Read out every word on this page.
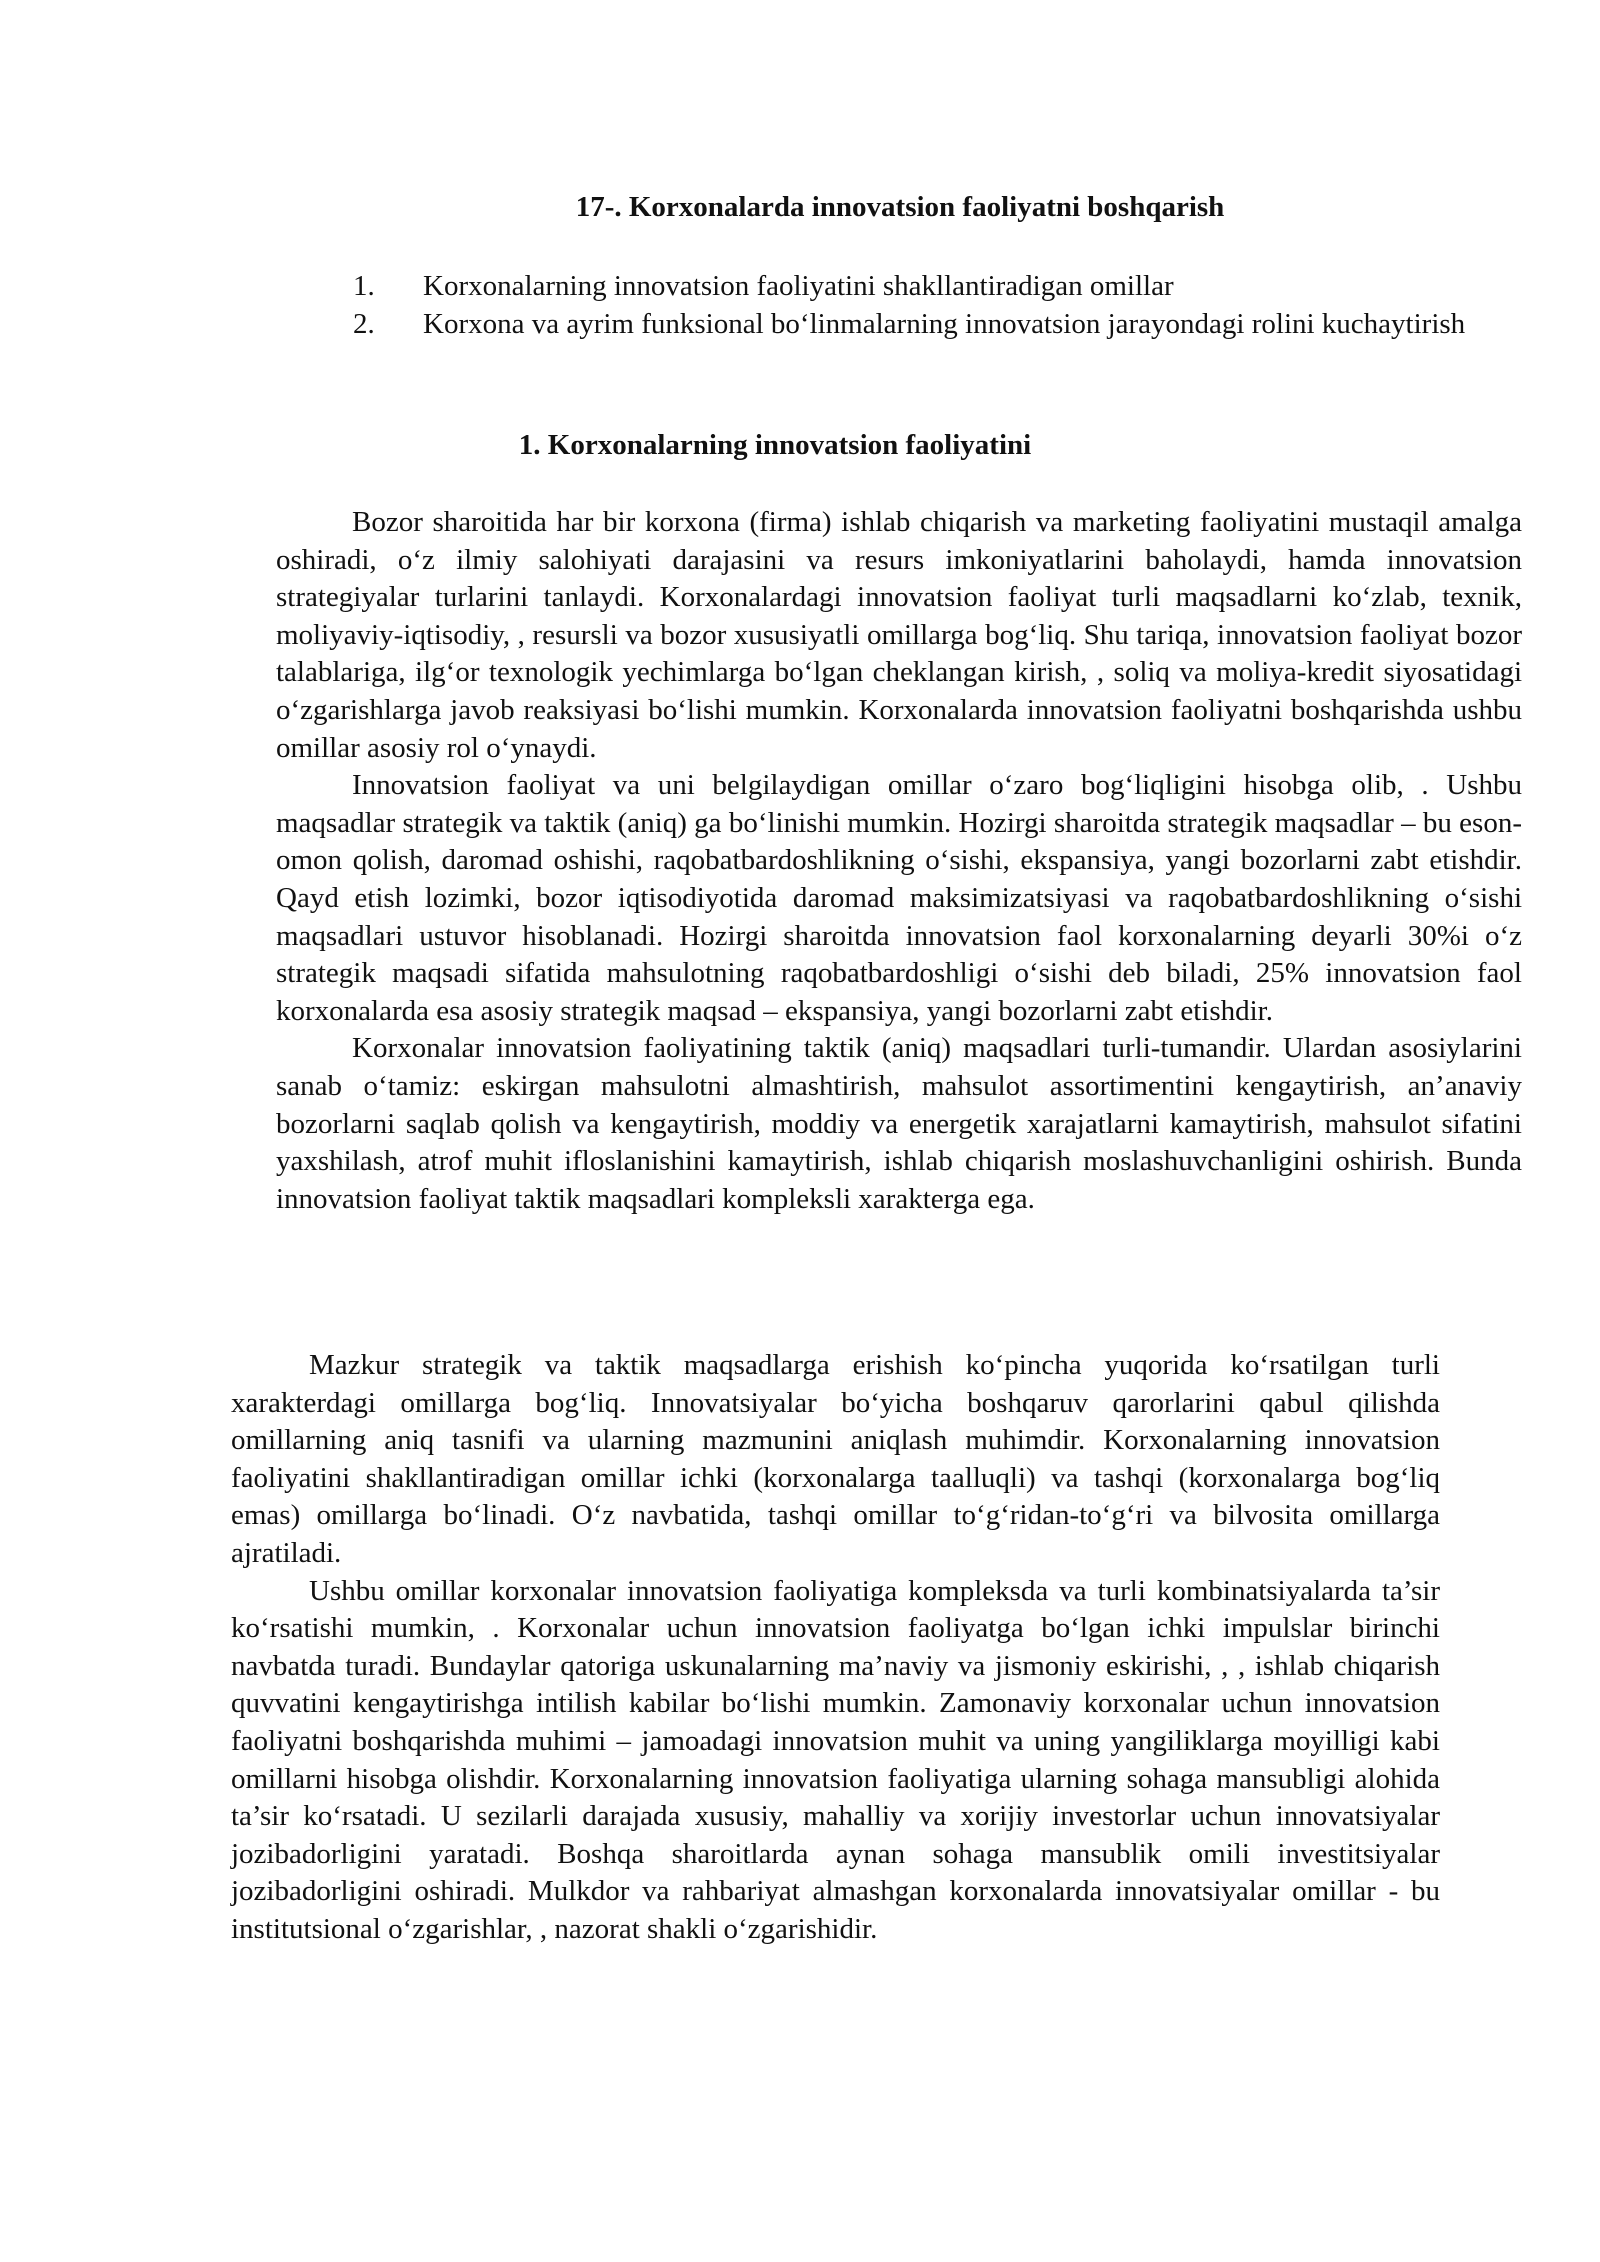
17-. Korxonalarda innovatsion faoliyatni boshqarish
1. Korxonalarning innovatsion faoliyatini shakllantiradigan omillar
2. Korxona va ayrim funksional bo‘linmalarning innovatsion jarayondagi rolini kuchaytirish
1. Korxonalarning innovatsion faoliyatini

Bozor sharoitida har bir korxona (firma) ishlab chiqarish va marketing faoliyatini mustaqil amalga oshiradi, o‘z ilmiy salohiyati darajasini va resurs imkoniyatlarini baholaydi, hamda innovatsion strategiyalar turlarini tanlaydi. Korxonalardagi innovatsion faoliyat turli maqsadlarni ko‘zlab, texnik, moliyaviy-iqtisodiy, , resursli va bozor xususiyatli omillarga bog‘liq. Shu tariqa, innovatsion faoliyat bozor talablariga, ilg‘or texnologik yechimlarga bo‘lgan cheklangan kirish, , soliq va moliya-kredit siyosatidagi o‘zgarishlarga javob reaksiyasi bo‘lishi mumkin. Korxonalarda innovatsion faoliyatni boshqarishda ushbu omillar asosiy rol o‘ynaydi.

Innovatsion faoliyat va uni belgilaydigan omillar o‘zaro bog‘liqligini hisobga olib, . Ushbu maqsadlar strategik va taktik (aniq) ga bo‘linishi mumkin. Hozirgi sharoitda strategik maqsadlar – bu eson-omon qolish, daromad oshishi, raqobatbardoshlikning o‘sishi, ekspansiya, yangi bozorlarni zabt etishdir. Qayd etish lozimki, bozor iqtisodiyotida daromad maksimizatsiyasi va raqobatbardoshlikning o‘sishi maqsadlari ustuvor hisoblanadi. Hozirgi sharoitda innovatsion faol korxonalarning deyarli 30%i o‘z strategik maqsadi sifatida mahsulotning raqobatbardoshligi o‘sishi deb biladi, 25% innovatsion faol korxonalarda esa asosiy strategik maqsad – ekspansiya, yangi bozorlarni zabt etishdir.

Korxonalar innovatsion faoliyatining taktik (aniq) maqsadlari turli-tumandir. Ulardan asosiylarini sanab o‘tamiz: eskirgan mahsulotni almashtirish, mahsulot assortimentini kengaytirish, an’anaviy bozorlarni saqlab qolish va kengaytirish, moddiy va energetik xarajatlarni kamaytirish, mahsulot sifatini yaxshilash, atrof muhit ifloslanishini kamaytirish, ishlab chiqarish moslashuvchanligini oshirish. Bunda innovatsion faoliyat taktik maqsadlari kompleksli xarakterga ega.

Mazkur strategik va taktik maqsadlarga erishish ko‘pincha yuqorida ko‘rsatilgan turli xarakterdagi omillarga bog‘liq. Innovatsiyalar bo‘yicha boshqaruv qarorlarini qabul qilishda omillarning aniq tasnifi va ularning mazmunini aniqlash muhimdir. Korxonalarning innovatsion faoliyatini shakllantiradigan omillar ichki (korxonalarga taalluqli) va tashqi (korxonalarga bog‘liq emas) omillarga bo‘linadi. O‘z navbatida, tashqi omillar to‘g‘ridan-to‘g‘ri va bilvosita omillarga ajratiladi.

Ushbu omillar korxonalar innovatsion faoliyatiga kompleksda va turli kombinatsiyalarda ta’sir ko‘rsatishi mumkin, . Korxonalar uchun innovatsion faoliyatga bo‘lgan ichki impulslar birinchi navbatda turadi. Bundaylar qatoriga uskunalarning ma’naviy va jismoniy eskirishi, , , ishlab chiqarish quvvatini kengaytirishga intilish kabilar bo‘lishi mumkin. Zamonaviy korxonalar uchun innovatsion faoliyatni boshqarishda muhimi – jamoadagi innovatsion muhit va uning yangiliklarga moyilligi kabi omillarni hisobga olishdir. Korxonalarning innovatsion faoliyatiga ularning sohaga mansubligi alohida ta’sir ko‘rsatadi. U sezilarli darajada xususiy, mahalliy va xorijiy investorlar uchun innovatsiyalar jozibadorligini yaratadi. Boshqa sharoitlarda aynan sohaga mansublik omili investitsiyalar jozibadorligini oshiradi. Mulkdor va rahbariyat almashgan korxonalarda innovatsiyalar omillar - bu institutsional o‘zgarishlar, , nazorat shakli o‘zgarishidir.
